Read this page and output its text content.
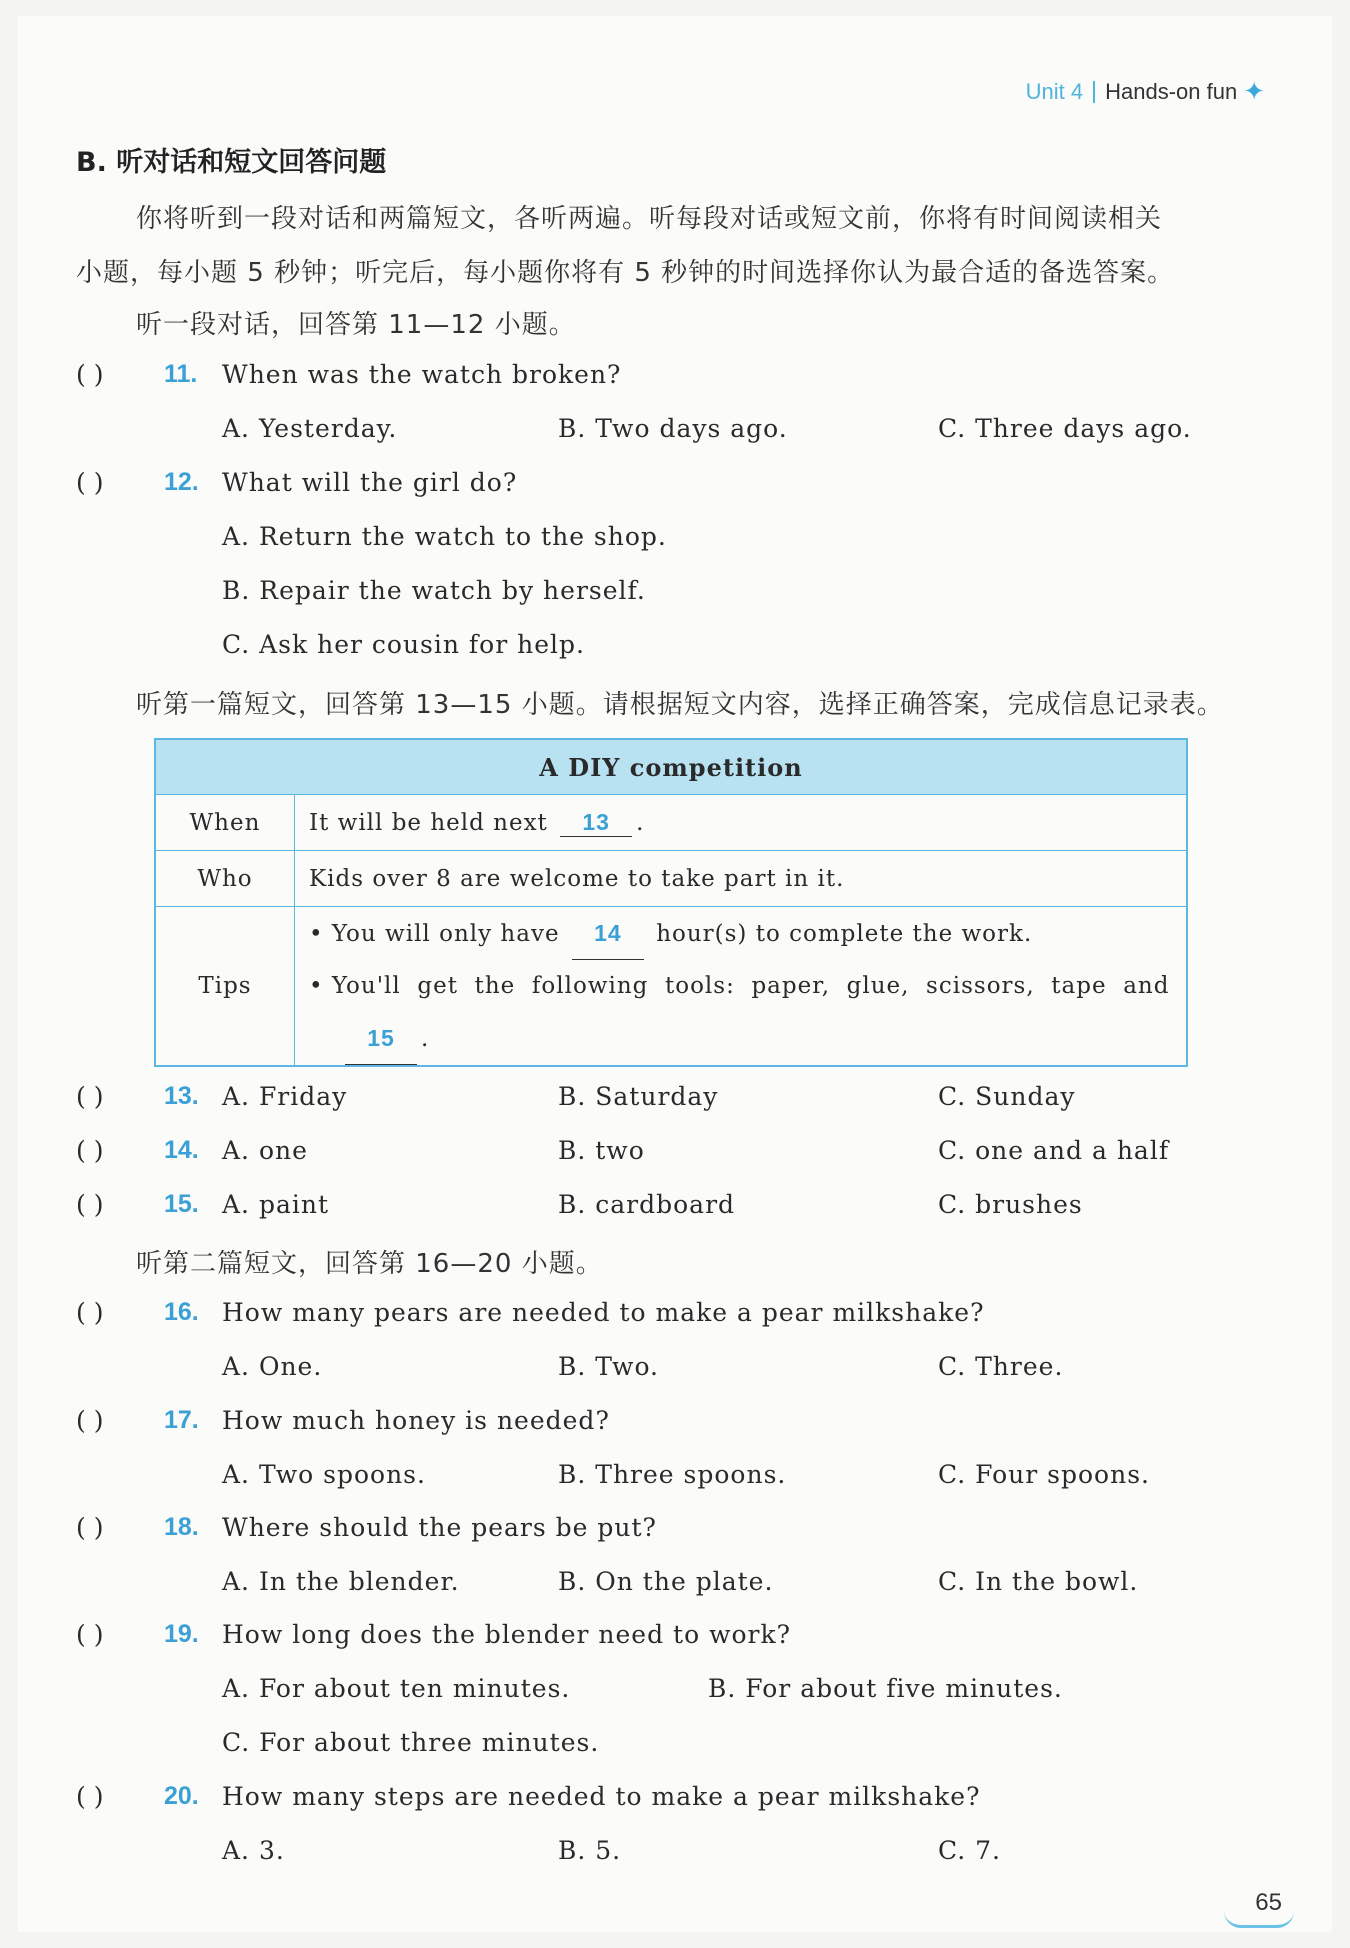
Unit 4 Hands-on fun ✦
B. 听对话和短文回答问题
你将听到一段对话和两篇短文，各听两遍。听每段对话或短文前，你将有时间阅读相关
小题，每小题 5 秒钟；听完后，每小题你将有 5 秒钟的时间选择你认为最合适的备选答案。
听一段对话，回答第 11—12 小题。
( ) 11. When was the watch broken?
A. Yesterday.	B. Two days ago.	C. Three days ago.
( ) 12. What will the girl do?
A. Return the watch to the shop.
B. Repair the watch by herself.
C. Ask her cousin for help.
听第一篇短文，回答第 13—15 小题。请根据短文内容，选择正确答案，完成信息记录表。
A DIY competition	
When	It will be held next 13 .
Who	Kids over 8 are welcome to take part in it.
Tips	• You will only have 14 hour(s) to complete the work.
• You'll  get  the  following  tools:  paper,  glue,  scissors,  tape  and
15 .
( ) 13. A. Friday	B. Saturday	C. Sunday
( ) 14. A. one	B. two	C. one and a half
( ) 15. A. paint	B. cardboard	C. brushes
听第二篇短文，回答第 16—20 小题。
( ) 16. How many pears are needed to make a pear milkshake?
A. One.	B. Two.	C. Three.
( ) 17. How much honey is needed?
A. Two spoons.	B. Three spoons.	C. Four spoons.
( ) 18. Where should the pears be put?
A. In the blender.	B. On the plate.	C. In the bowl.
( ) 19. How long does the blender need to work?
A. For about ten minutes.	B. For about five minutes.
C. For about three minutes.
( ) 20. How many steps are needed to make a pear milkshake?
A. 3.	B. 5.	C. 7.
65
